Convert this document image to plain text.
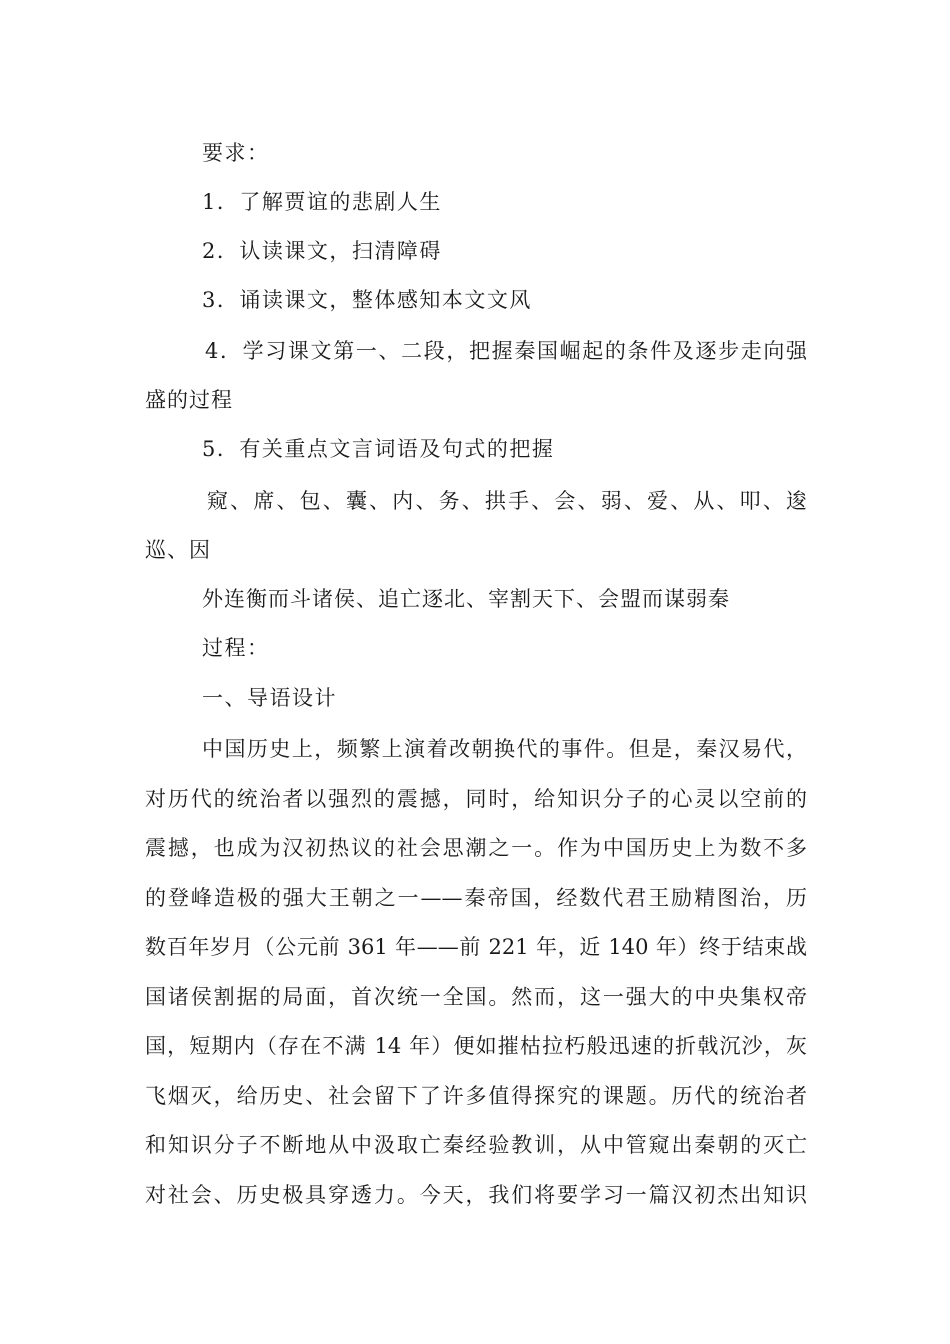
要求：
1．了解贾谊的悲剧人生
2．认读课文，扫清障碍
3．诵读课文，整体感知本文文风
4．学习课文第一、二段，把握秦国崛起的条件及逐步走向强
盛的过程
5．有关重点文言词语及句式的把握
窥、席、包、囊、内、务、拱手、会、弱、爱、从、叩、逡
巡、因
外连衡而斗诸侯、追亡逐北、宰割天下、会盟而谋弱秦
过程：
一、导语设计
中国历史上，频繁上演着改朝换代的事件。但是，秦汉易代，
对历代的统治者以强烈的震撼，同时，给知识分子的心灵以空前的
震撼，也成为汉初热议的社会思潮之一。作为中国历史上为数不多
的登峰造极的强大王朝之一——秦帝国，经数代君王励精图治，历
数百年岁月（公元前 361 年——前 221 年，近 140 年）终于结束战
国诸侯割据的局面，首次统一全国。然而，这一强大的中央集权帝
国，短期内（存在不满 14 年）便如摧枯拉朽般迅速的折戟沉沙，灰
飞烟灭，给历史、社会留下了许多值得探究的课题。历代的统治者
和知识分子不断地从中汲取亡秦经验教训，从中管窥出秦朝的灭亡
对社会、历史极具穿透力。今天，我们将要学习一篇汉初杰出知识
